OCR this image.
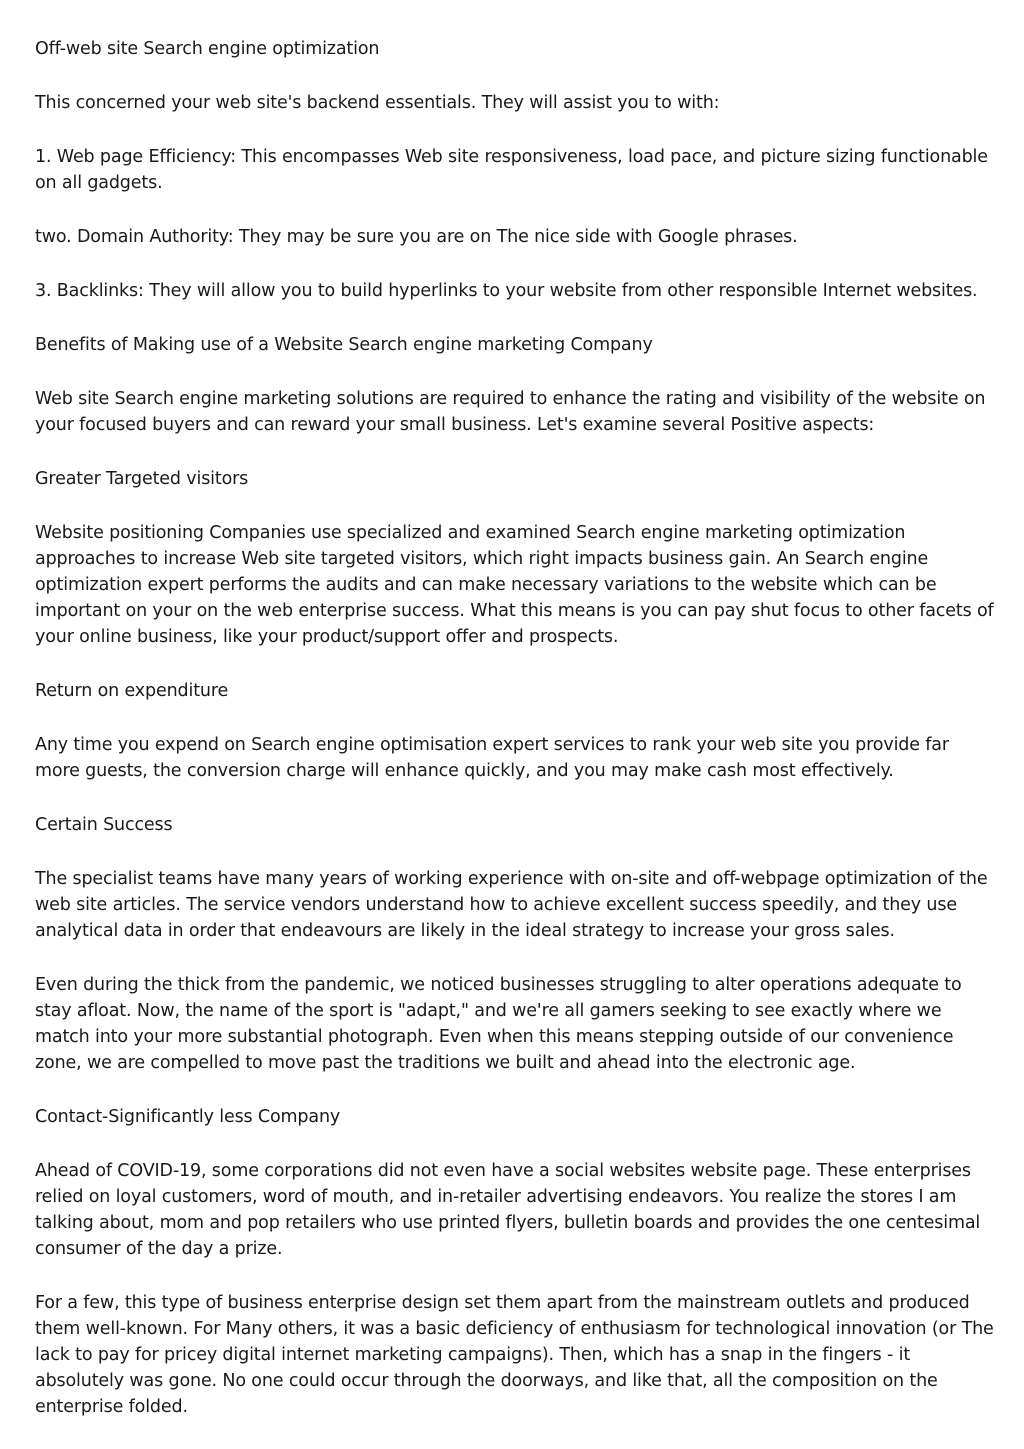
Off-web site Search engine optimization

This concerned your web site's backend essentials. They will assist you to with:

1. Web page Efficiency: This encompasses Web site responsiveness, load pace, and picture sizing functionable on all gadgets.

two. Domain Authority: They may be sure you are on The nice side with Google phrases.

3. Backlinks: They will allow you to build hyperlinks to your website from other responsible Internet websites.

Benefits of Making use of a Website Search engine marketing Company

Web site Search engine marketing solutions are required to enhance the rating and visibility of the website on your focused buyers and can reward your small business. Let's examine several Positive aspects:

Greater Targeted visitors

Website positioning Companies use specialized and examined Search engine marketing optimization approaches to increase Web site targeted visitors, which right impacts business gain. An Search engine optimization expert performs the audits and can make necessary variations to the website which can be important on your on the web enterprise success. What this means is you can pay shut focus to other facets of your online business, like your product/support offer and prospects.

Return on expenditure

Any time you expend on Search engine optimisation expert services to rank your web site you provide far more guests, the conversion charge will enhance quickly, and you may make cash most effectively.

Certain Success

The specialist teams have many years of working experience with on-site and off-webpage optimization of the web site articles. The service vendors understand how to achieve excellent success speedily, and they use analytical data in order that endeavours are likely in the ideal strategy to increase your gross sales.

Even during the thick from the pandemic, we noticed businesses struggling to alter operations adequate to stay afloat. Now, the name of the sport is "adapt," and we're all gamers seeking to see exactly where we match into your more substantial photograph. Even when this means stepping outside of our convenience zone, we are compelled to move past the traditions we built and ahead into the electronic age.

Contact-Significantly less Company

Ahead of COVID-19, some corporations did not even have a social websites website page. These enterprises relied on loyal customers, word of mouth, and in-retailer advertising endeavors. You realize the stores I am talking about, mom and pop retailers who use printed flyers, bulletin boards and provides the one centesimal consumer of the day a prize.

For a few, this type of business enterprise design set them apart from the mainstream outlets and produced them well-known. For Many others, it was a basic deficiency of enthusiasm for technological innovation (or The lack to pay for pricey digital internet marketing campaigns). Then, which has a snap in the fingers - it absolutely was gone. No one could occur through the doorways, and like that, all the composition on the enterprise folded.
